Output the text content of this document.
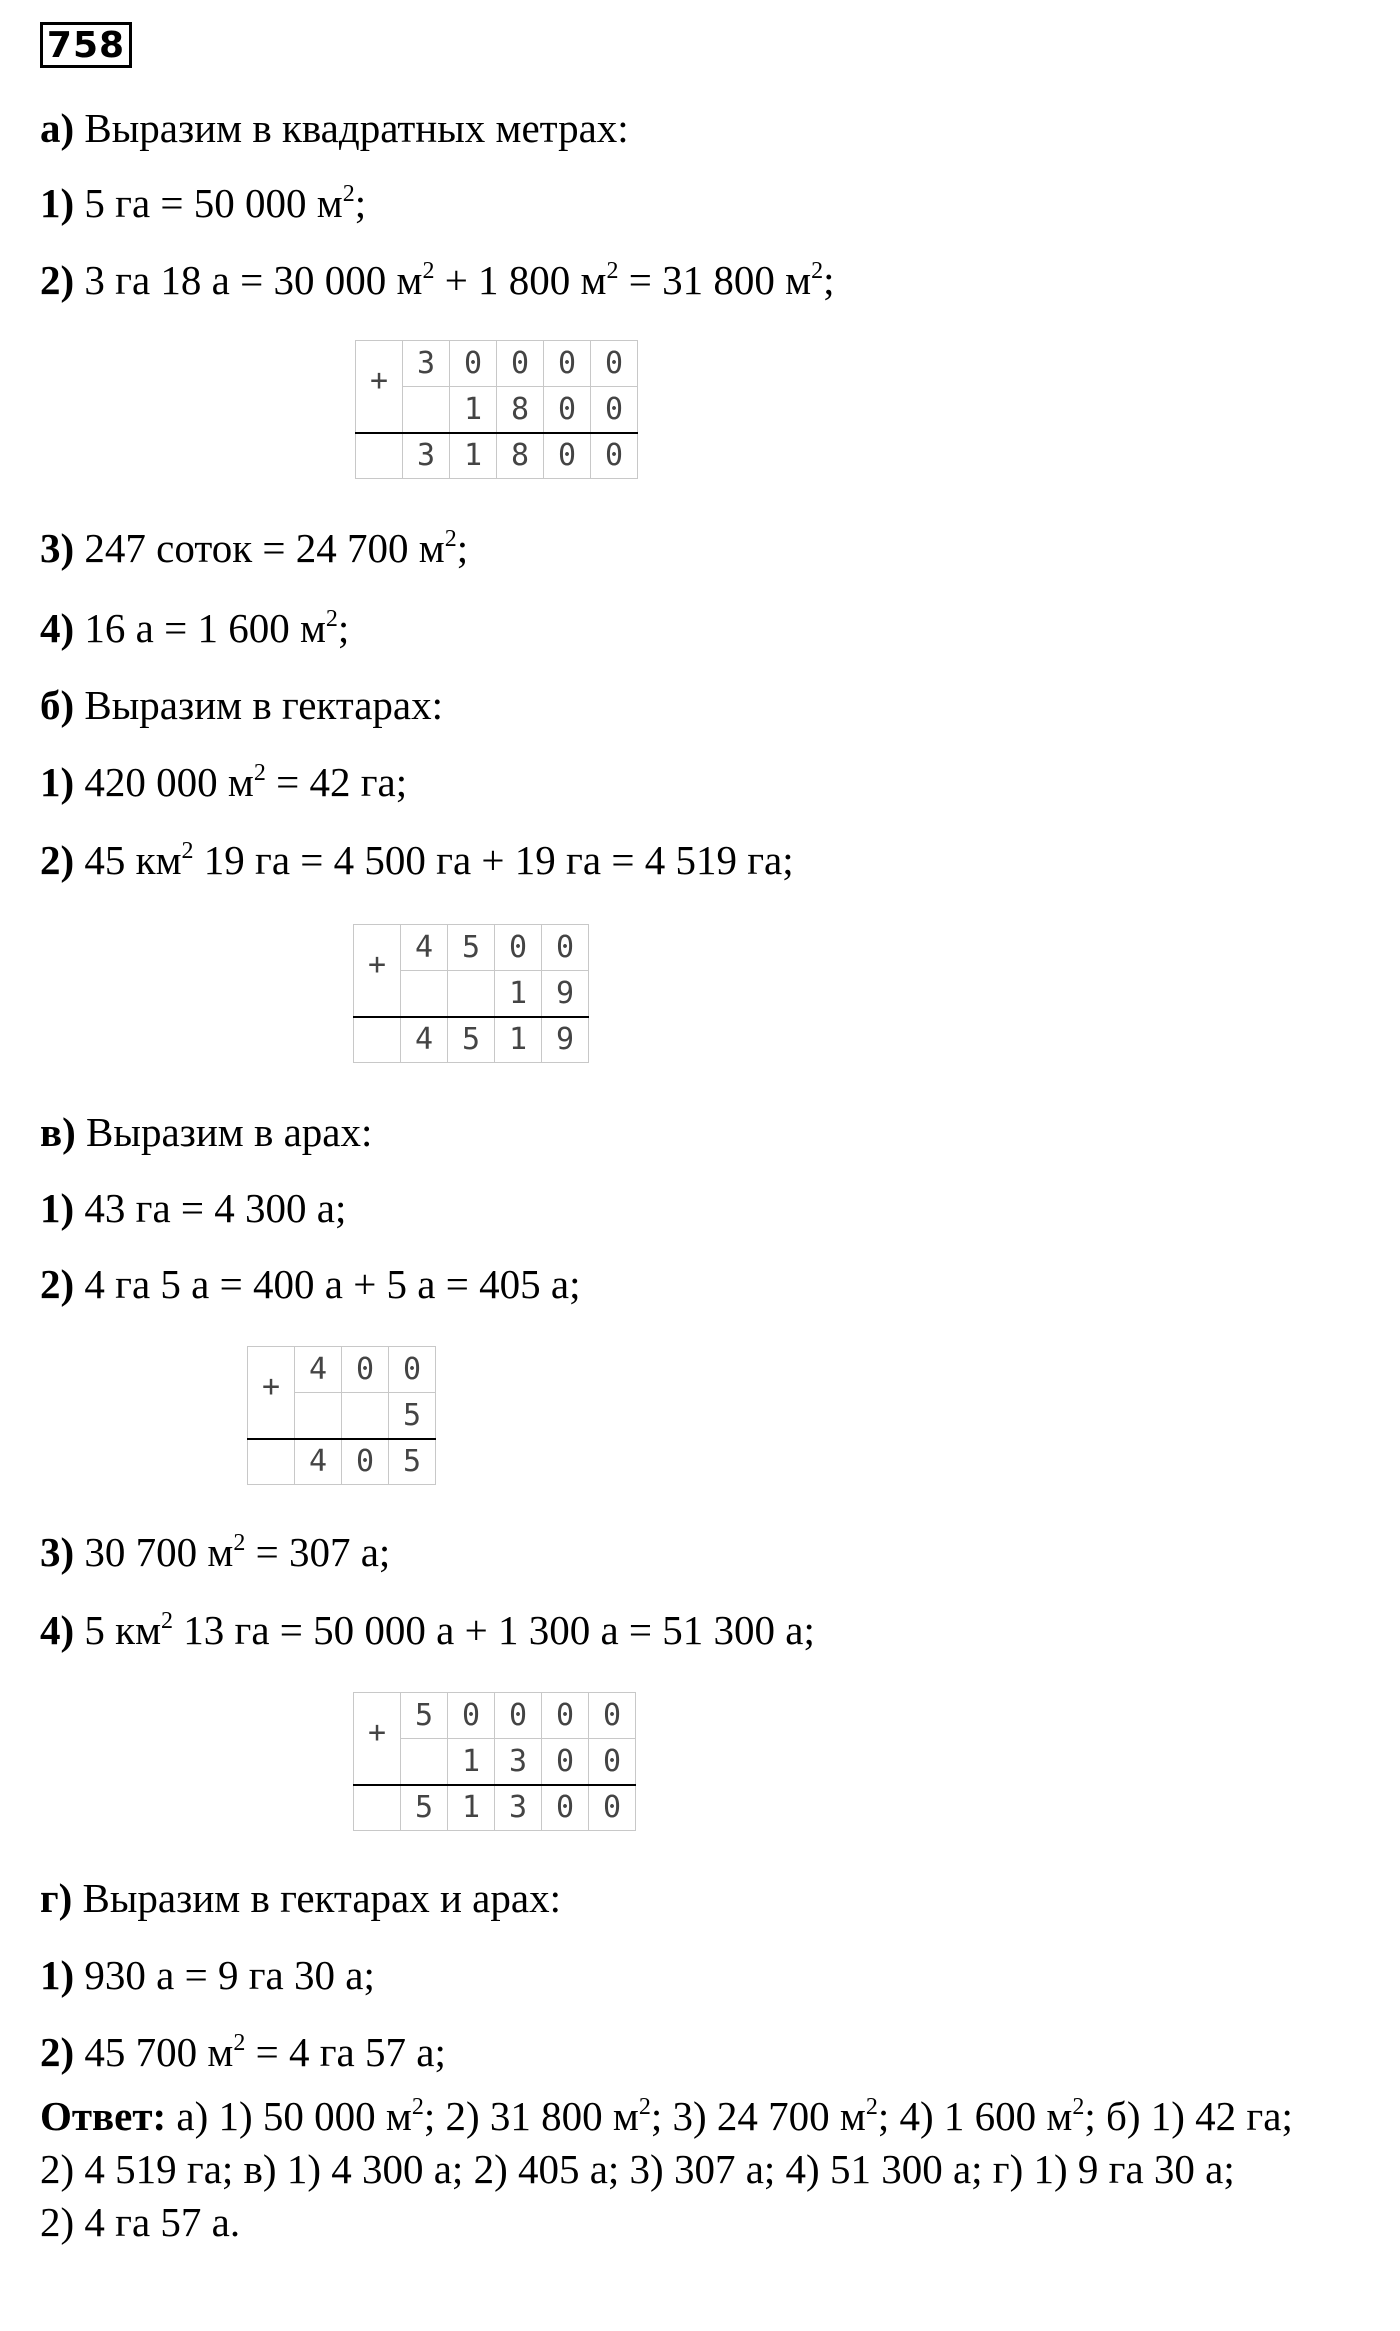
758
а) Выразим в квадратных метрах:
1) 5 га = 50 000 $м^2$;
2) 3 га 18 а = 30 000 $м^2 + 1$ 800 $м^2 = 31$ 800 $м^2$;
+	3	0	0	0	0
		1	8	0	0
	3	1	8	0	0
3) 247 соток = 24 700 $м^2$;
4) 16 а = 1 600 $м^2$;
б) Выразим в гектарах:
1) 420 000 $м^2 = 42$ га;
2) 45 $км^2$ 19 га = 4 500 га + 19 га = 4 519 га;
+	4	5	0	0
			1	9
	4	5	1	9
в) Выразим в арах:
1) 43 га = 4 300 а;
2) 4 га 5 а = 400 а + 5 а = 405 а;
+	4	0	0
			5
	4	0	5
3) 30 700 $м^2 = 307$ а;
4) 5 $км^2$ 13 га = 50 000 а + 1 300 а = 51 300 а;
+	5	0	0	0	0
		1	3	0	0
	5	1	3	0	0
г) Выразим в гектарах и арах:
1) 930 а = 9 га 30 а;
2) 45 700 $м^2 = 4$ га 57 а;
Ответ: а) 1) 50 000 $м^2$; 2) 31 800 $м^2$; 3) 24 700 $м^2$; 4) 1 600 $м^2$; б) 1) 42 га;
2) 4 519 га; в) 1) 4 300 а; 2) 405 а; 3) 307 а; 4) 51 300 а; г) 1) 9 га 30 а;
2) 4 га 57 а.
